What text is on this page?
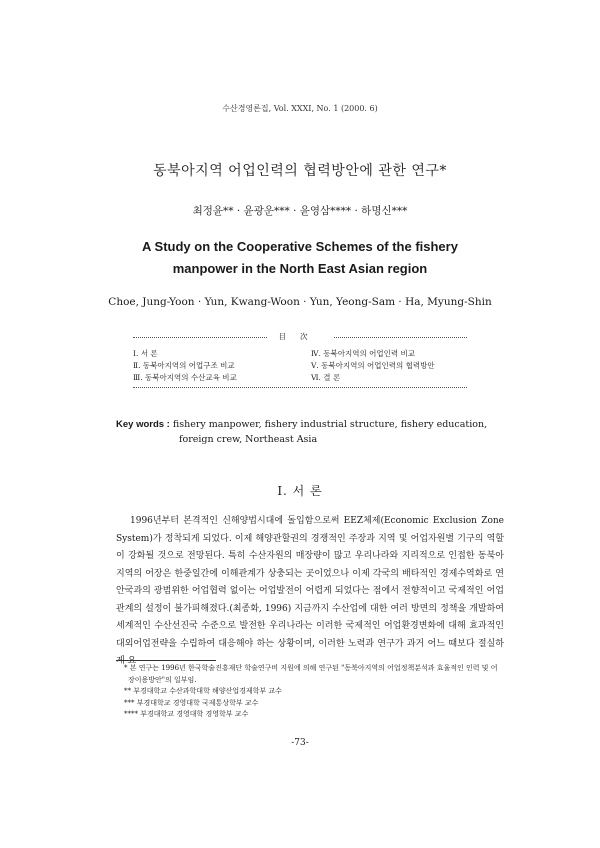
수산경영론집, Vol. XXXI, No. 1 (2000. 6)
동북아지역 어업인력의 협력방안에 관한 연구*
최정윤** · 윤광운*** · 윤영삼**** · 하명신***
A Study on the Cooperative Schemes of the fishery
manpower in the North East Asian region
Choe, Jung-Yoon · Yun, Kwang-Woon · Yun, Yeong-Sam · Ha, Myung-Shin
目次
Ⅰ. 서 론
Ⅱ. 동북아지역의 어업구조 비교
Ⅲ. 동북아지역의 수산교육 비교
Ⅳ. 동북아지역의 어업인력 비교
Ⅴ. 동북아지역의 어업인력의 협력방안
Ⅵ. 결 론
Key words : fishery manpower, fishery industrial structure, fishery education,
foreign crew, Northeast Asia
Ⅰ. 서 론

1996년부터 본격적인 신해양법시대에 돌입함으로써 EEZ체제(Economic Exclusion Zone System)가 정착되게 되었다. 이제 해양관할권의 경쟁적인 주장과 지역 및 어업자원별 기구의 역할이 강화될 것으로 전망된다. 특히 수산자원의 매장량이 많고 우리나라와 지리적으로 인접한 동북아지역의 어장은 한중일간에 이해관계가 상충되는 곳이었으나 이제 각국의 배타적인 경제수역화로 연안국과의 광범위한 어업협력 없이는 어업발전이 어렵게 되었다는 점에서 전향적이고 국제적인 어업관계의 설정이 불가피해졌다.(최종화, 1996) 지금까지 수산업에 대한 여러 방면의 정책을 개발하여 세계적인 수산선진국 수준으로 발전한 우리나라는 이러한 국제적인 어업환경변화에 대해 효과적인 대외어업전략을 수립하여 대응해야 하는 상황이며, 이러한 노력과 연구가 과거 어느 때보다 절실하게 요

* 본 연구는 1996년 한국학술진흥재단 학술연구비 지원에 의해 연구된 "동북아지역의 어업정책분석과 효율적인 인력 및 어장이용방안"의 일부임.
** 부경대학교 수산과학대학 해양산업경제학부 교수
*** 부경대학교 경영대학 국제통상학부 교수
**** 부경대학교 경영대학 경영학부 교수
-73-
